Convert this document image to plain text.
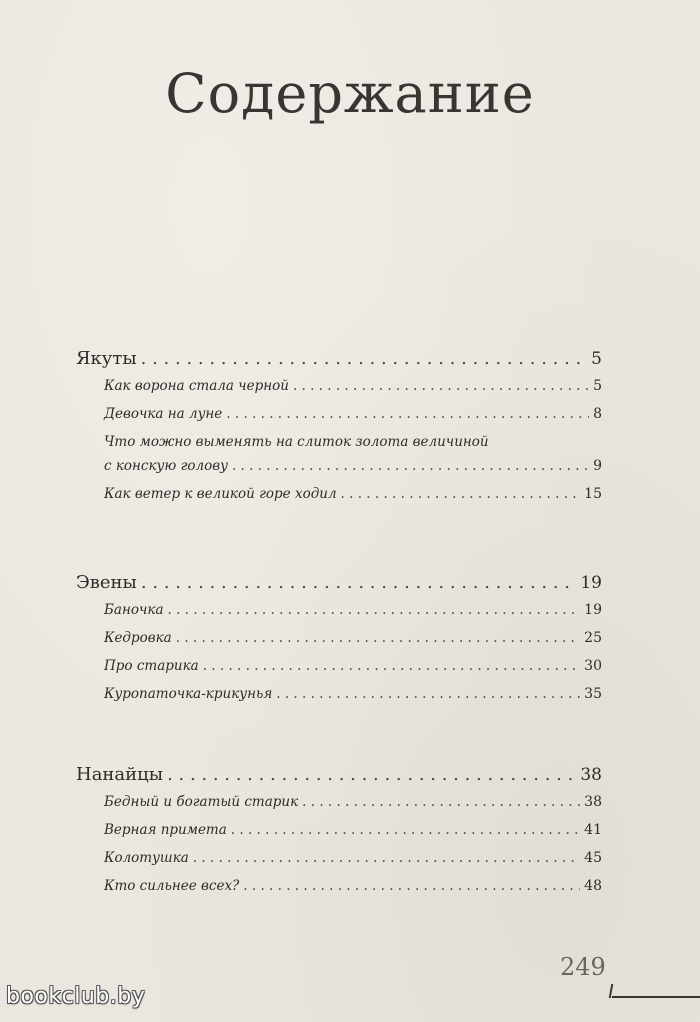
Содержание
Якуты . . .	5
Как ворона стала черной . . .	5
Девочка на луне . . .	8
Что можно выменять на слиток золота величиной
с конскую голову . . .	9
Как ветер к великой горе ходил . . .	15
Эвены . . .	19
Баночка . . .	19
Кедровка . . .	25
Про старика . . .	30
Куропаточка-крикунья . . .	35
Нанайцы . . .	38
Бедный и богатый старик . . .	38
Верная примета . . .	41
Колотушка . . .	45
Кто сильнее всех? . . .	48
249
bookclub.by
